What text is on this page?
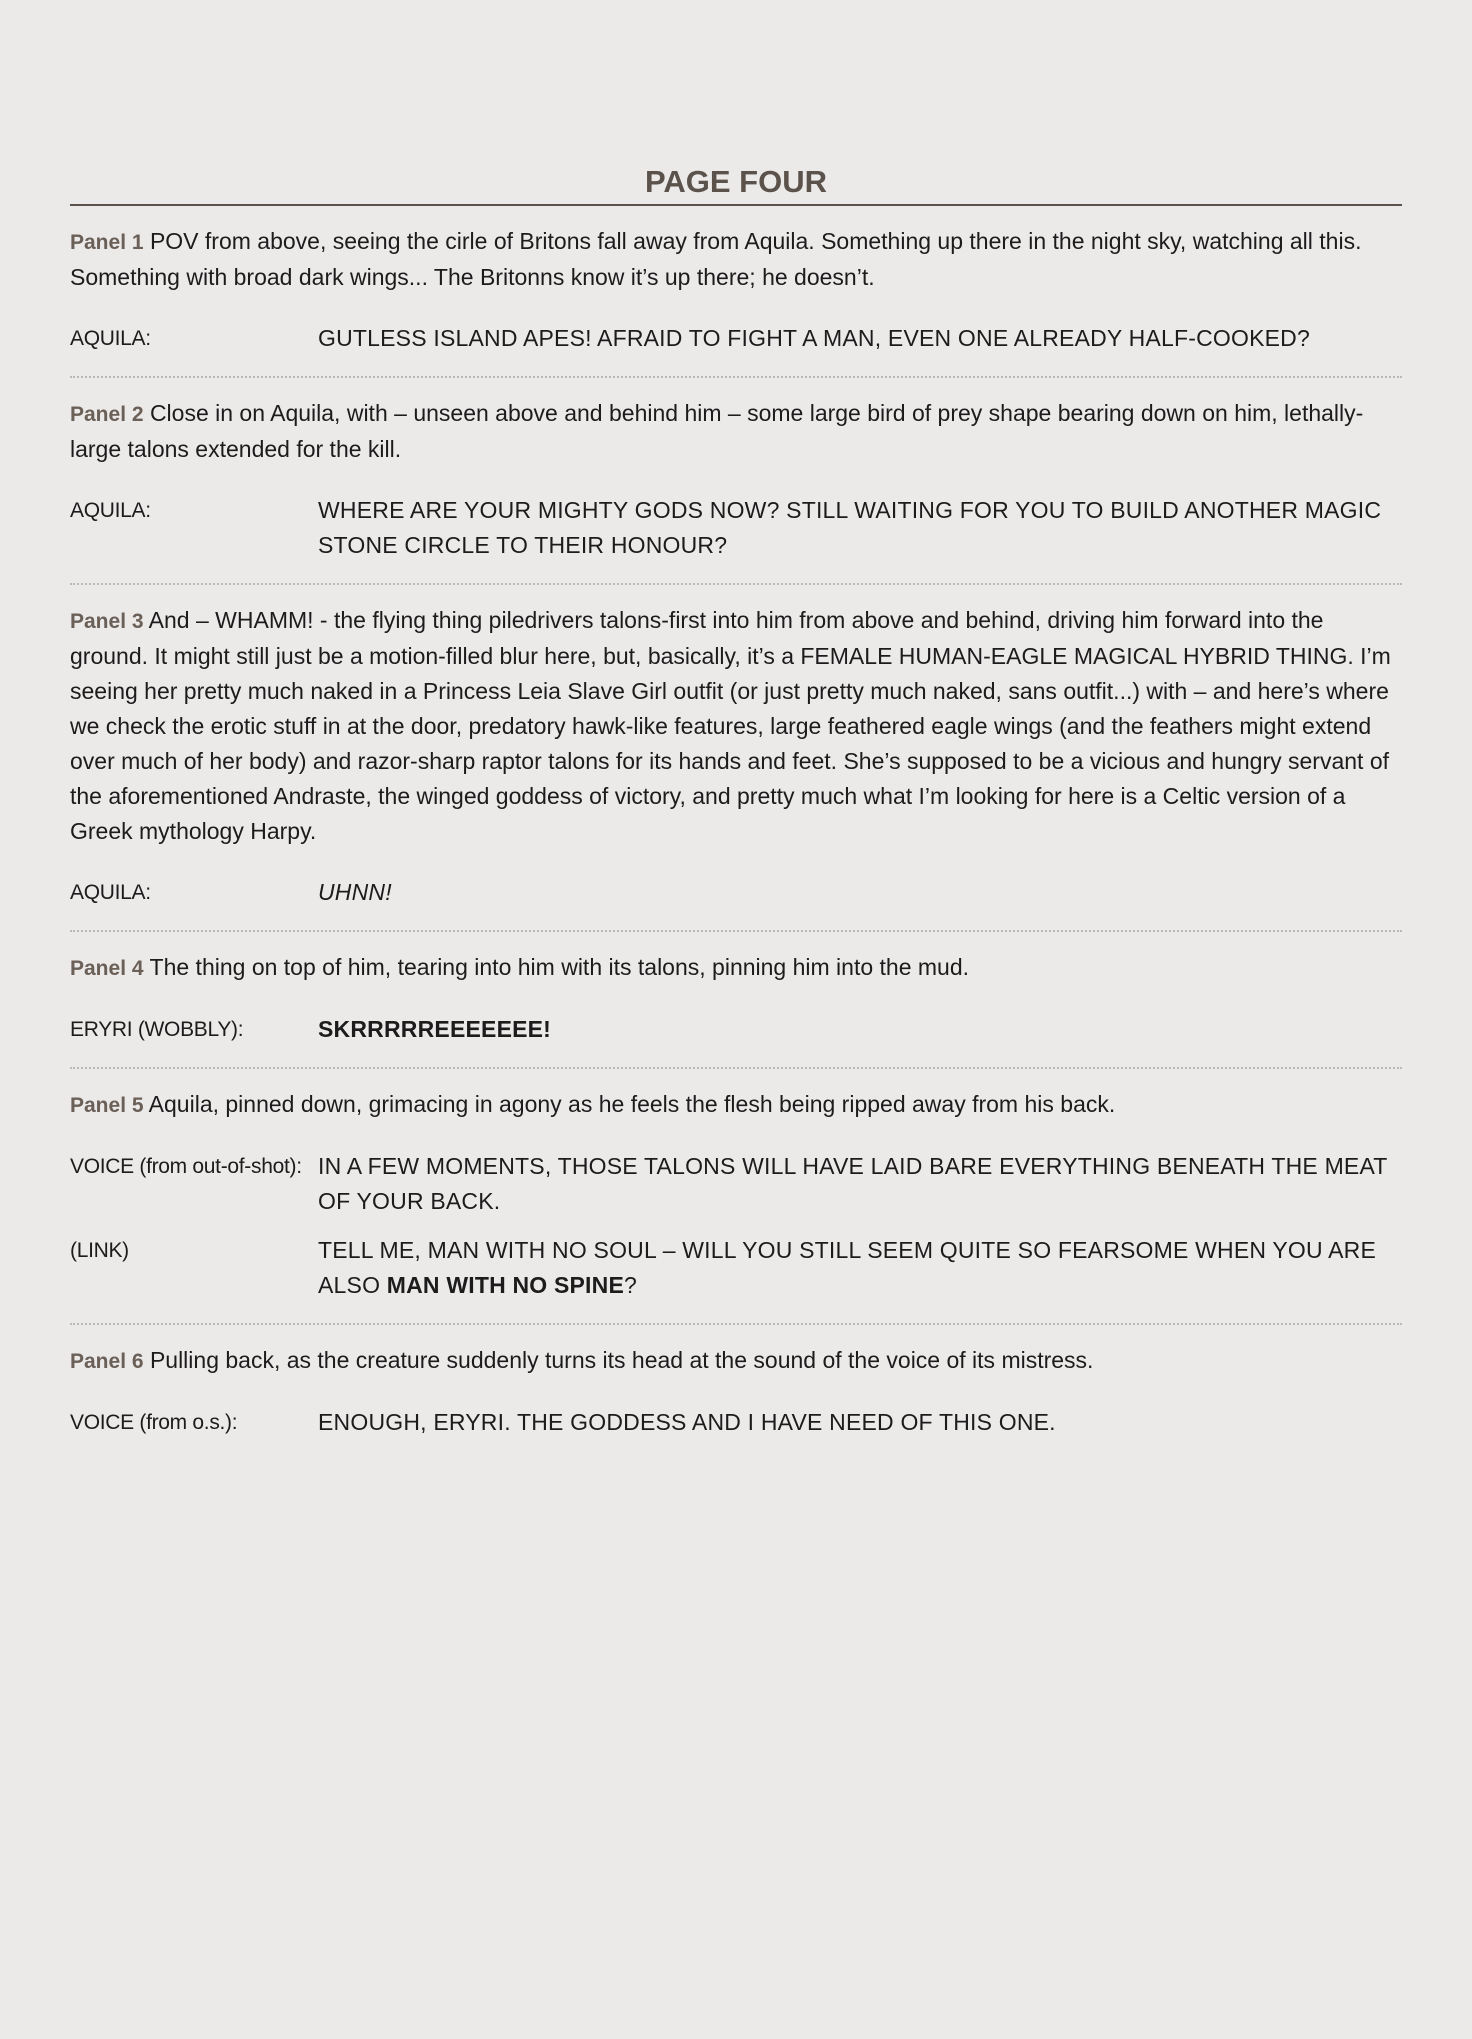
PAGE FOUR

Panel 1 POV from above, seeing the cirle of Britons fall away from Aquila. Something up there in the night sky, watching all this. Something with broad dark wings... The Britonns know it’s up there; he doesn’t.

AQUILA:	GUTLESS ISLAND APES! AFRAID TO FIGHT A MAN, EVEN ONE ALREADY HALF-COOKED?

Panel 2 Close in on Aquila, with – unseen above and behind him – some large bird of prey shape bearing down on him, lethally-large talons extended for the kill.

AQUILA:	WHERE ARE YOUR MIGHTY GODS NOW? STILL WAITING FOR YOU TO BUILD ANOTHER MAGIC STONE CIRCLE TO THEIR HONOUR?

Panel 3 And – WHAMM! - the flying thing piledrivers talons-first into him from above and behind, driving him forward into the ground. It might still just be a motion-filled blur here, but, basically, it’s a FEMALE HUMAN-EAGLE MAGICAL HYBRID THING. I’m seeing her pretty much naked in a Princess Leia Slave Girl outfit (or just pretty much naked, sans outfit...) with – and here’s where we check the erotic stuff in at the door, predatory hawk-like features, large feathered eagle wings (and the feathers might extend over much of her body) and razor-sharp raptor talons for its hands and feet. She’s supposed to be a vicious and hungry servant of the aforementioned Andraste, the winged goddess of victory, and pretty much what I’m looking for here is a Celtic version of a Greek mythology Harpy.

AQUILA:	UHNN!

Panel 4 The thing on top of him, tearing into him with its talons, pinning him into the mud.

ERYRI (WOBBLY):	SKRRRRREEEEEEE!

Panel 5 Aquila, pinned down, grimacing in agony as he feels the flesh being ripped away from his back.

VOICE (from out-of-shot): IN A FEW MOMENTS, THOSE TALONS WILL HAVE LAID BARE EVERYTHING BENEATH THE MEAT OF YOUR BACK.
(LINK)	TELL ME, MAN WITH NO SOUL – WILL YOU STILL SEEM QUITE SO FEARSOME WHEN YOU ARE ALSO MAN WITH NO SPINE?

Panel 6 Pulling back, as the creature suddenly turns its head at the sound of the voice of its mistress.

VOICE (from o.s.):	ENOUGH, ERYRI. THE GODDESS AND I HAVE NEED OF THIS ONE.
